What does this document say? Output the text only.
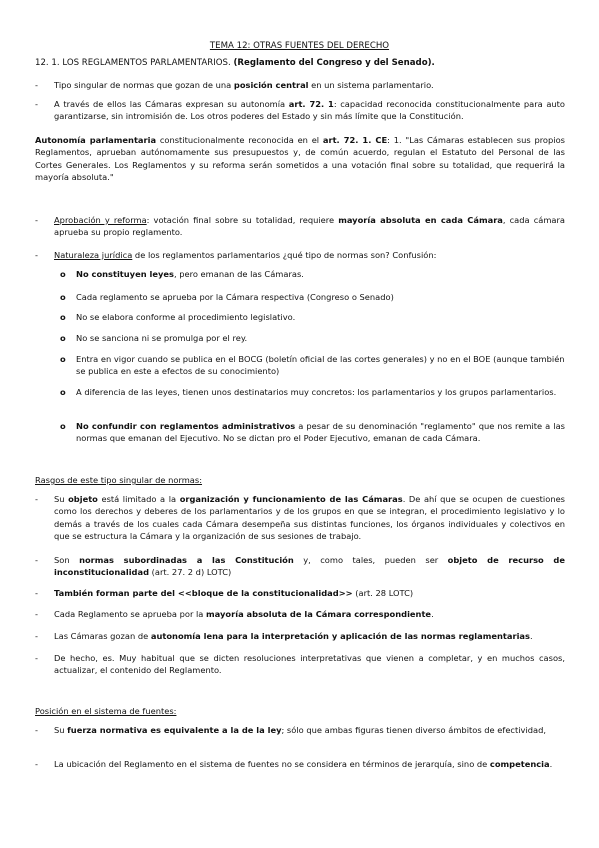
TEMA 12: OTRAS FUENTES DEL DERECHO
12. 1. LOS REGLAMENTOS PARLAMENTARIOS. (Reglamento del Congreso y del Senado).
- Tipo singular de normas que gozan de una posición central en un sistema parlamentario.
- A través de ellos las Cámaras expresan su autonomía art. 72. 1: capacidad reconocida constitucionalmente para auto garantizarse, sin intromisión de. Los otros poderes del Estado y sin más límite que la Constitución.
Autonomía parlamentaria constitucionalmente reconocida en el art. 72. 1. CE: 1. "Las Cámaras establecen sus propios Reglamentos, aprueban autónomamente sus presupuestos y, de común acuerdo, regulan el Estatuto del Personal de las Cortes Generales. Los Reglamentos y su reforma serán sometidos a una votación final sobre su totalidad, que requerirá la mayoría absoluta."
- Aprobación y reforma: votación final sobre su totalidad, requiere mayoría absoluta en cada Cámara, cada cámara aprueba su propio reglamento.
- Naturaleza jurídica de los reglamentos parlamentarios ¿qué tipo de normas son? Confusión:
o No constituyen leyes, pero emanan de las Cámaras.
o Cada reglamento se aprueba por la Cámara respectiva (Congreso o Senado)
o No se elabora conforme al procedimiento legislativo.
o No se sanciona ni se promulga por el rey.
o Entra en vigor cuando se publica en el BOCG (boletín oficial de las cortes generales) y no en el BOE (aunque también se publica en este a efectos de su conocimiento)
o A diferencia de las leyes, tienen unos destinatarios muy concretos: los parlamentarios y los grupos parlamentarios.
o No confundir con reglamentos administrativos a pesar de su denominación "reglamento" que nos remite a las normas que emanan del Ejecutivo. No se dictan pro el Poder Ejecutivo, emanan de cada Cámara.
Rasgos de este tipo singular de normas:
- Su objeto está limitado a la organización y funcionamiento de las Cámaras. De ahí que se ocupen de cuestiones como los derechos y deberes de los parlamentarios y de los grupos en que se integran, el procedimiento legislativo y lo demás a través de los cuales cada Cámara desempeña sus distintas funciones, los órganos individuales y colectivos en que se estructura la Cámara y la organización de sus sesiones de trabajo.
- Son normas subordinadas a las Constitución y, como tales, pueden ser objeto de recurso de inconstitucionalidad (art. 27. 2 d) LOTC)
- También forman parte del <<bloque de la constitucionalidad>> (art. 28 LOTC)
- Cada Reglamento se aprueba por la mayoría absoluta de la Cámara correspondiente.
- Las Cámaras gozan de autonomía lena para la interpretación y aplicación de las normas reglamentarias.
- De hecho, es. Muy habitual que se dicten resoluciones interpretativas que vienen a completar, y en muchos casos, actualizar, el contenido del Reglamento.
Posición en el sistema de fuentes:
- Su fuerza normativa es equivalente a la de la ley; sólo que ambas figuras tienen diverso ámbitos de efectividad,
- La ubicación del Reglamento en el sistema de fuentes no se considera en términos de jerarquía, sino de competencia.
